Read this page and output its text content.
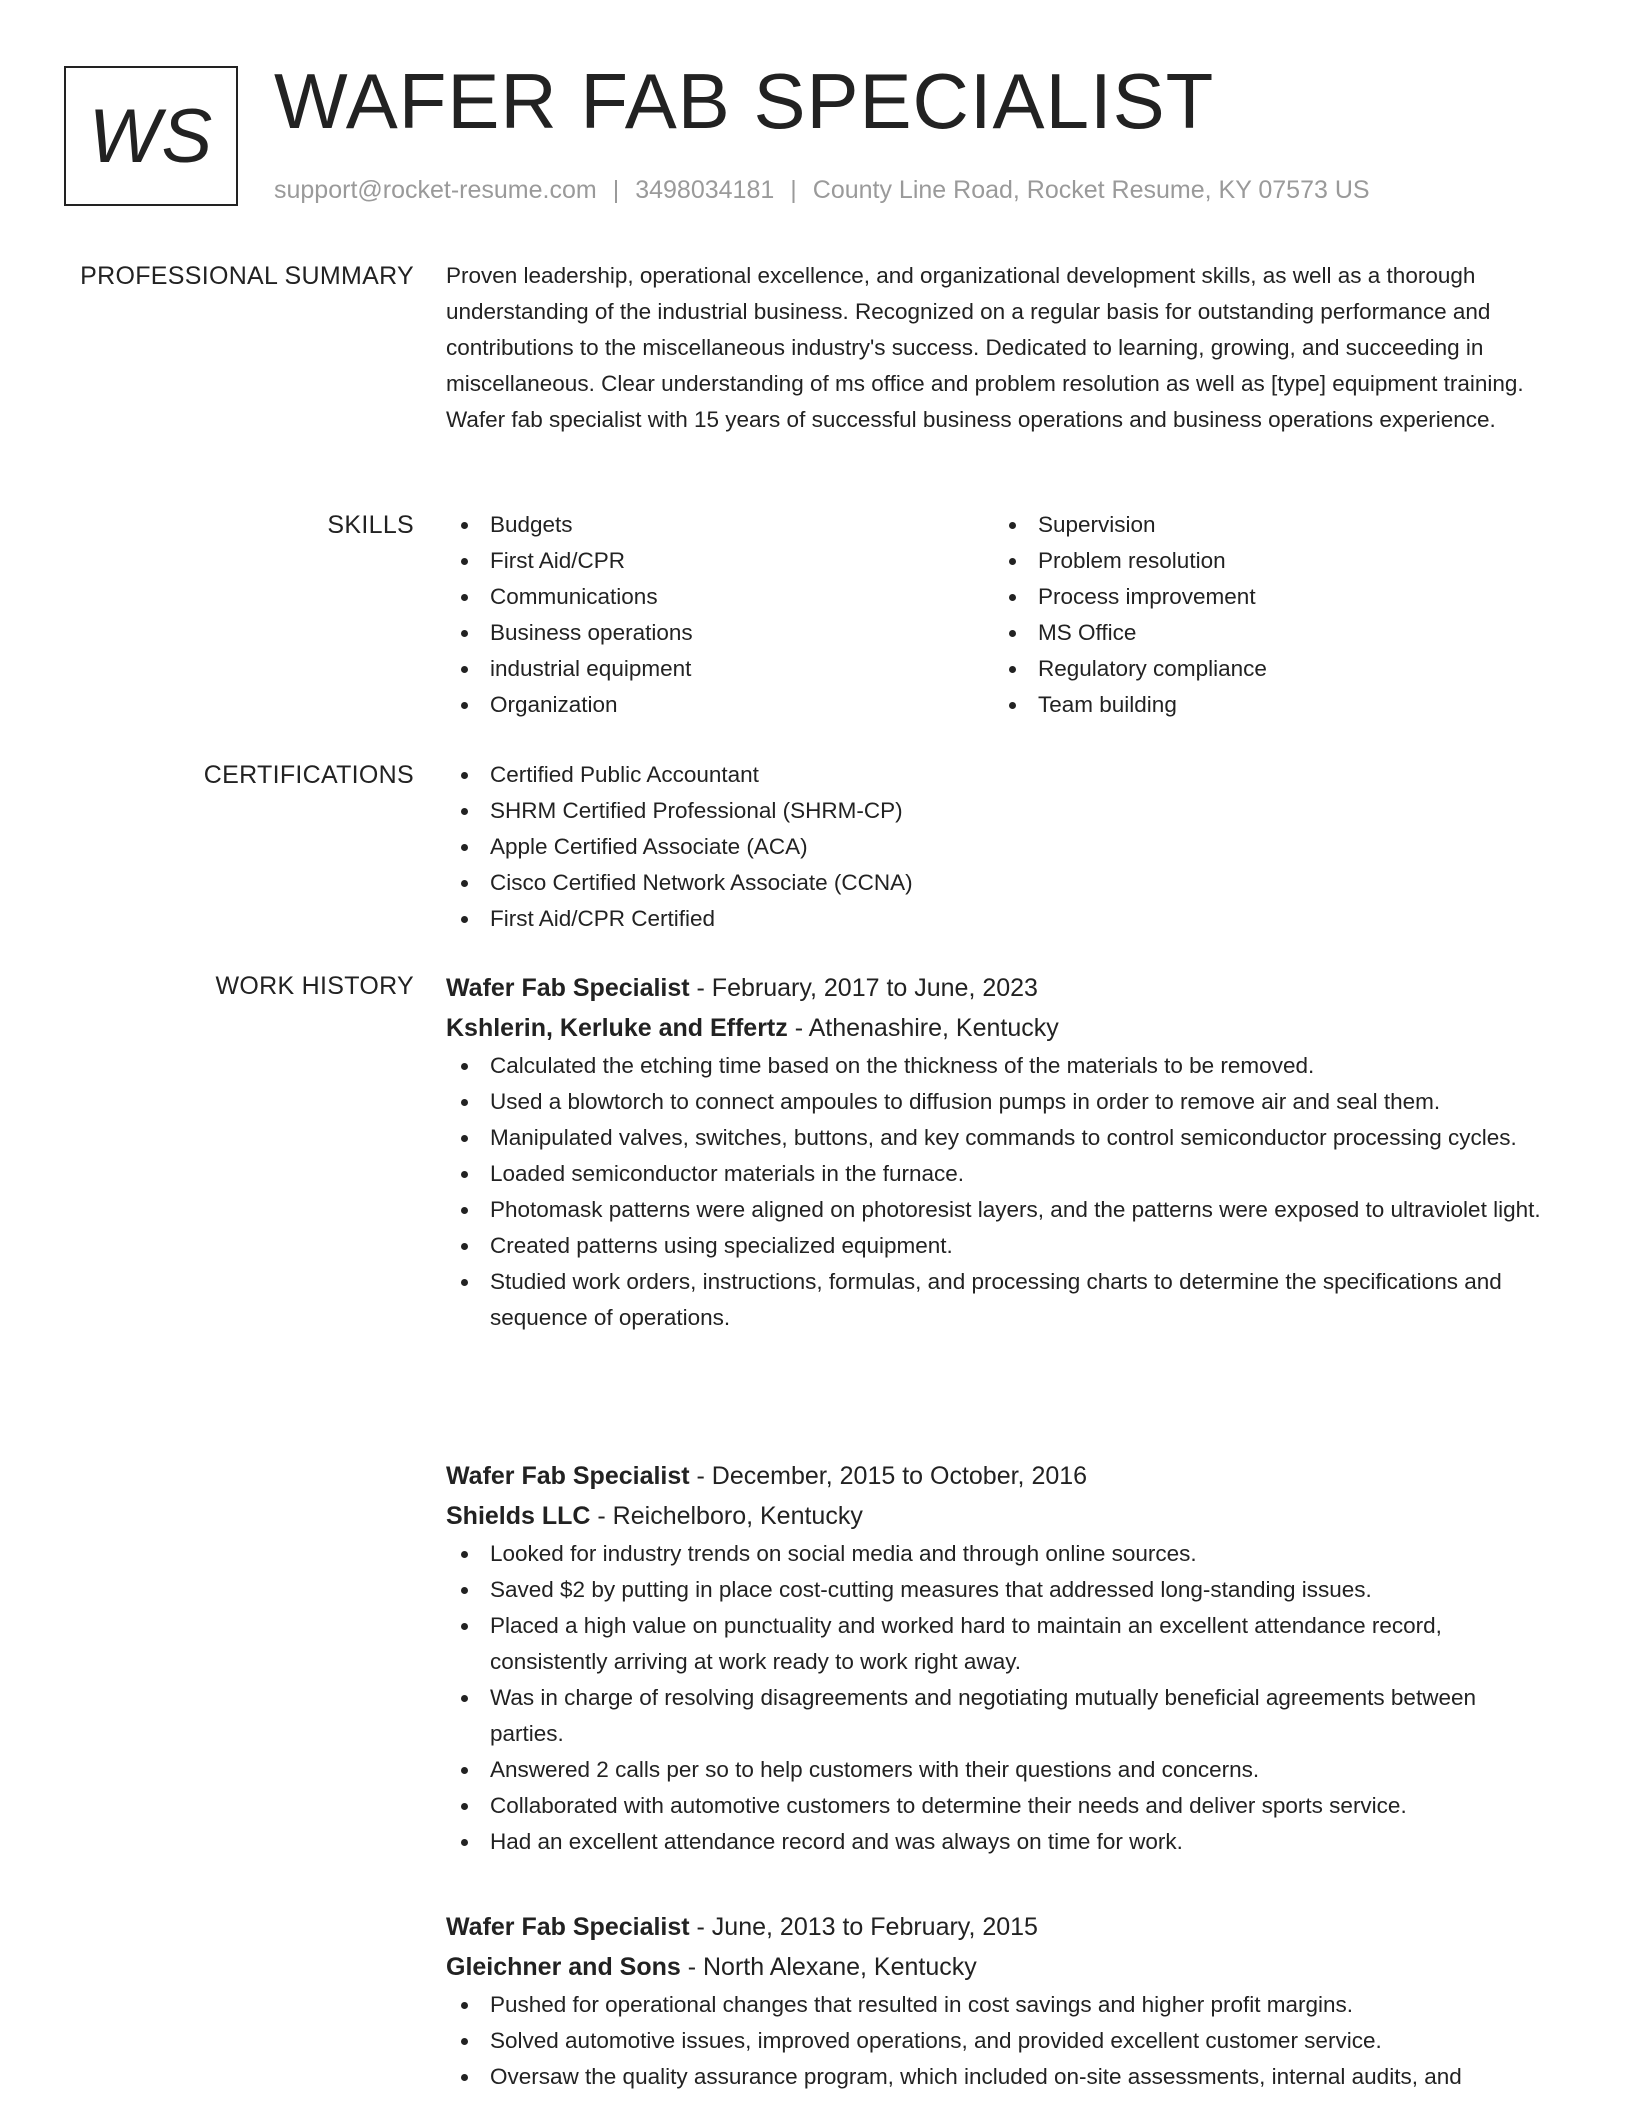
WS WAFER FAB SPECIALIST
support@rocket-resume.com | 3498034181 | County Line Road, Rocket Resume, KY 07573 US
PROFESSIONAL SUMMARY Proven leadership, operational excellence, and organizational development skills, as well as a thorough understanding of the industrial business. Recognized on a regular basis for outstanding performance and contributions to the miscellaneous industry's success. Dedicated to learning, growing, and succeeding in miscellaneous. Clear understanding of ms office and problem resolution as well as [type] equipment training. Wafer fab specialist with 15 years of successful business operations and business operations experience.

SKILLS	Budgets
First Aid/CPR
Communications
Business operations
industrial equipment
Organization
Supervision
Problem resolution
Process improvement
MS Office
Regulatory compliance
Team building
CERTIFICATIONS	Certified Public Accountant
SHRM Certified Professional (SHRM-CP)
Apple Certified Associate (ACA)
Cisco Certified Network Associate (CCNA)
First Aid/CPR Certified
WORK HISTORY Wafer Fab Specialist - February, 2017 to June, 2023
Kshlerin, Kerluke and Effertz - Athenashire, Kentucky
Calculated the etching time based on the thickness of the materials to be removed.
Used a blowtorch to connect ampoules to diffusion pumps in order to remove air and seal them.
Manipulated valves, switches, buttons, and key commands to control semiconductor processing cycles.
Loaded semiconductor materials in the furnace.
Photomask patterns were aligned on photoresist layers, and the patterns were exposed to ultraviolet light.
Created patterns using specialized equipment.
Studied work orders, instructions, formulas, and processing charts to determine the specifications and sequence of operations.
Wafer Fab Specialist - December, 2015 to October, 2016
Shields LLC - Reichelboro, Kentucky
Looked for industry trends on social media and through online sources.
Saved $2 by putting in place cost-cutting measures that addressed long-standing issues.
Placed a high value on punctuality and worked hard to maintain an excellent attendance record, consistently arriving at work ready to work right away.
Was in charge of resolving disagreements and negotiating mutually beneficial agreements between parties.
Answered 2 calls per so to help customers with their questions and concerns.
Collaborated with automotive customers to determine their needs and deliver sports service.
Had an excellent attendance record and was always on time for work.
Wafer Fab Specialist - June, 2013 to February, 2015
Gleichner and Sons - North Alexane, Kentucky
Pushed for operational changes that resulted in cost savings and higher profit margins.
Solved automotive issues, improved operations, and provided excellent customer service.
Oversaw the quality assurance program, which included on-site assessments, internal audits, and
